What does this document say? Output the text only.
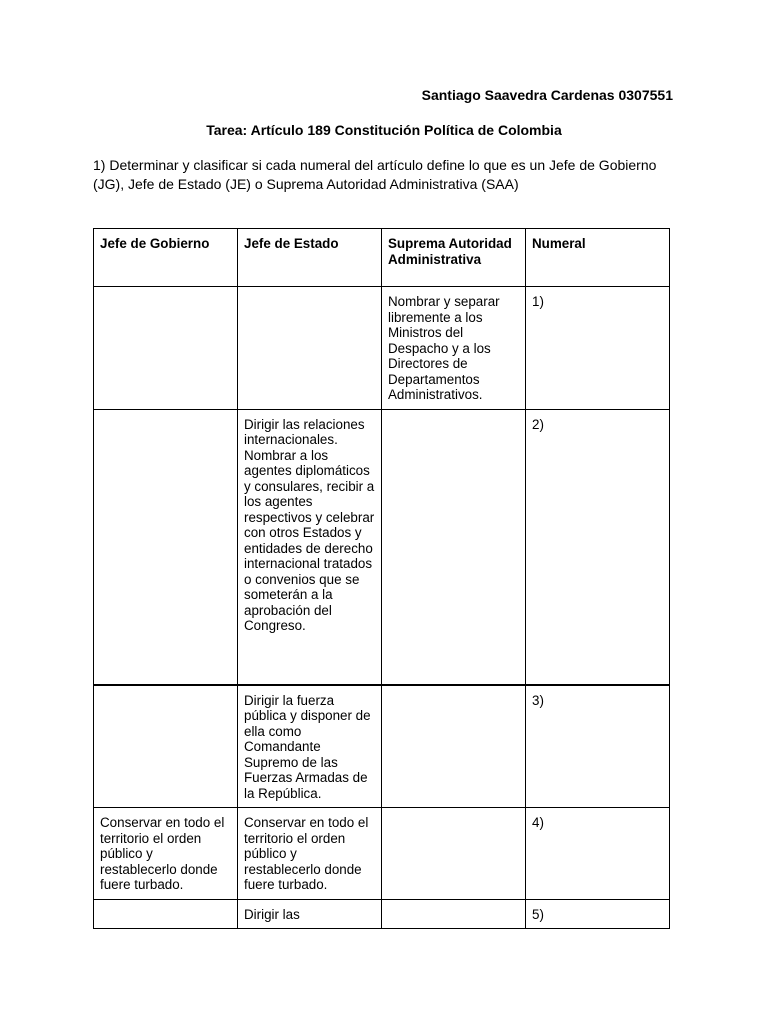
Santiago Saavedra Cardenas 0307551
Tarea: Artículo 189 Constitución Política de Colombia
1) Determinar y clasificar si cada numeral del artículo define lo que es un Jefe de Gobierno (JG), Jefe de Estado (JE) o Suprema Autoridad Administrativa (SAA)
Jefe de Gobierno	Jefe de Estado	Suprema Autoridad Administrativa	Numeral
		Nombrar y separar libremente a los Ministros del Despacho y a los Directores de Departamentos Administrativos.	1)
	Dirigir las relaciones internacionales. Nombrar a los agentes diplomáticos y consulares, recibir a los agentes respectivos y celebrar con otros Estados y entidades de derecho internacional tratados o convenios que se someterán a la aprobación del Congreso.		2)
	Dirigir la fuerza pública y disponer de ella como Comandante Supremo de las Fuerzas Armadas de la República.		3)
Conservar en todo el territorio el orden público y restablecerlo donde fuere turbado.	Conservar en todo el territorio el orden público y restablecerlo donde fuere turbado.		4)
	Dirigir las		5)
